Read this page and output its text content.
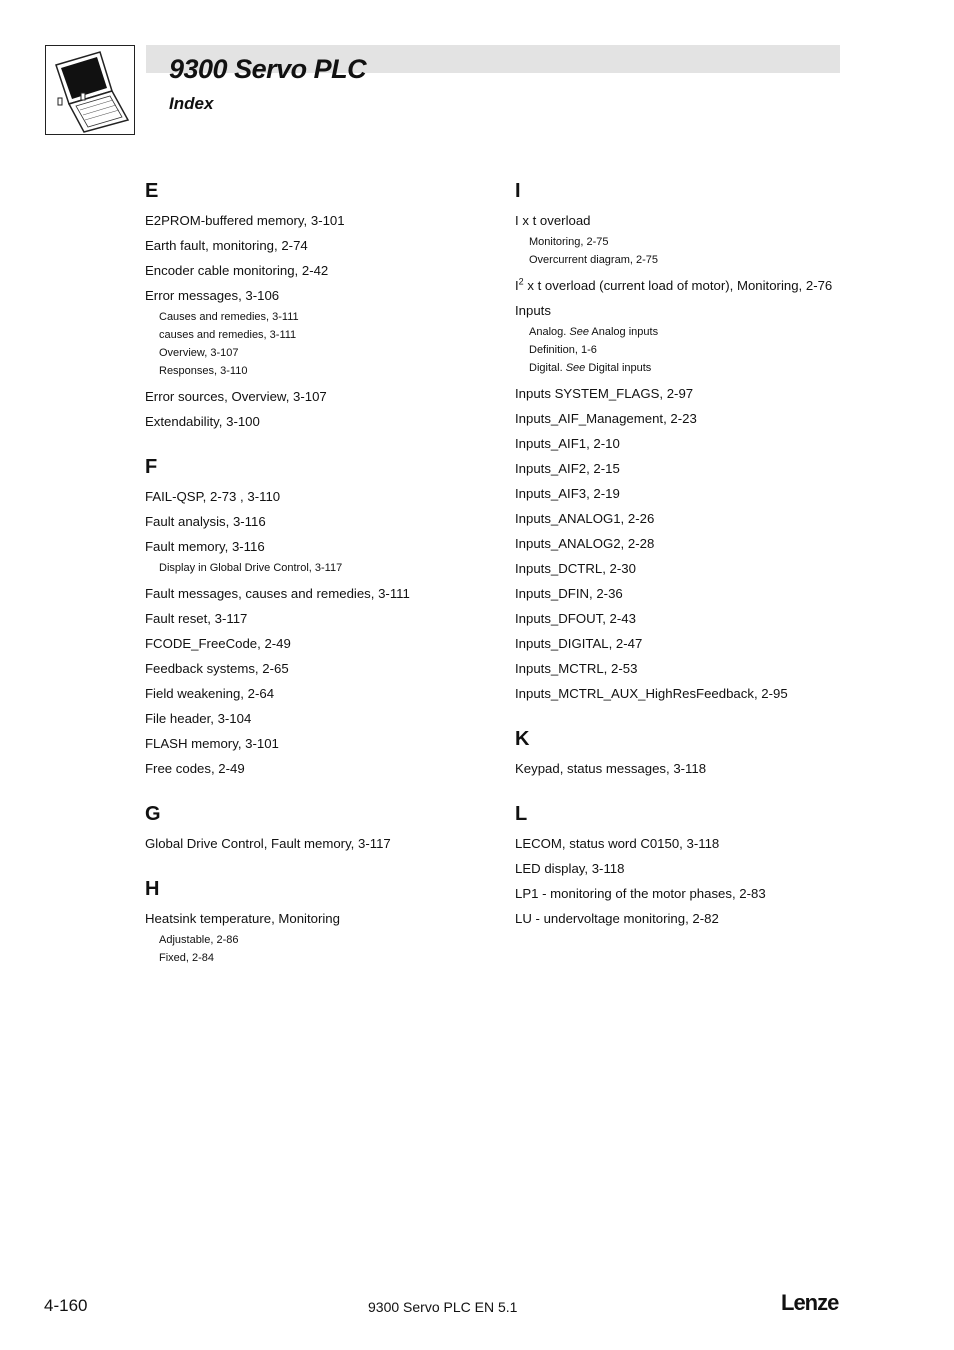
9300 Servo PLC
Index
E
E2PROM-buffered memory, 3-101
Earth fault, monitoring, 2-74
Encoder cable monitoring, 2-42
Error messages, 3-106
Causes and remedies, 3-111
causes and remedies, 3-111
Overview, 3-107
Responses, 3-110
Error sources, Overview, 3-107
Extendability, 3-100
F
FAIL-QSP, 2-73 , 3-110
Fault analysis, 3-116
Fault memory, 3-116
Display in Global Drive Control, 3-117
Fault messages, causes and remedies, 3-111
Fault reset, 3-117
FCODE_FreeCode, 2-49
Feedback systems, 2-65
Field weakening, 2-64
File header, 3-104
FLASH memory, 3-101
Free codes, 2-49
G
Global Drive Control, Fault memory, 3-117
H
Heatsink temperature, Monitoring
Adjustable, 2-86
Fixed, 2-84
I
I x t overload
Monitoring, 2-75
Overcurrent diagram, 2-75
$I^2$ x t overload (current load of motor), Monitoring, 2-76
Inputs
Analog. See Analog inputs
Definition, 1-6
Digital. See Digital inputs
Inputs SYSTEM_FLAGS, 2-97
Inputs_AIF_Management, 2-23
Inputs_AIF1, 2-10
Inputs_AIF2, 2-15
Inputs_AIF3, 2-19
Inputs_ANALOG1, 2-26
Inputs_ANALOG2, 2-28
Inputs_DCTRL, 2-30
Inputs_DFIN, 2-36
Inputs_DFOUT, 2-43
Inputs_DIGITAL, 2-47
Inputs_MCTRL, 2-53
Inputs_MCTRL_AUX_HighResFeedback, 2-95
K
Keypad, status messages, 3-118
L
LECOM, status word C0150, 3-118
LED display, 3-118
LP1 - monitoring of the motor phases, 2-83
LU - undervoltage monitoring, 2-82

4-160	9300 Servo PLC EN 5.1	Lenze
